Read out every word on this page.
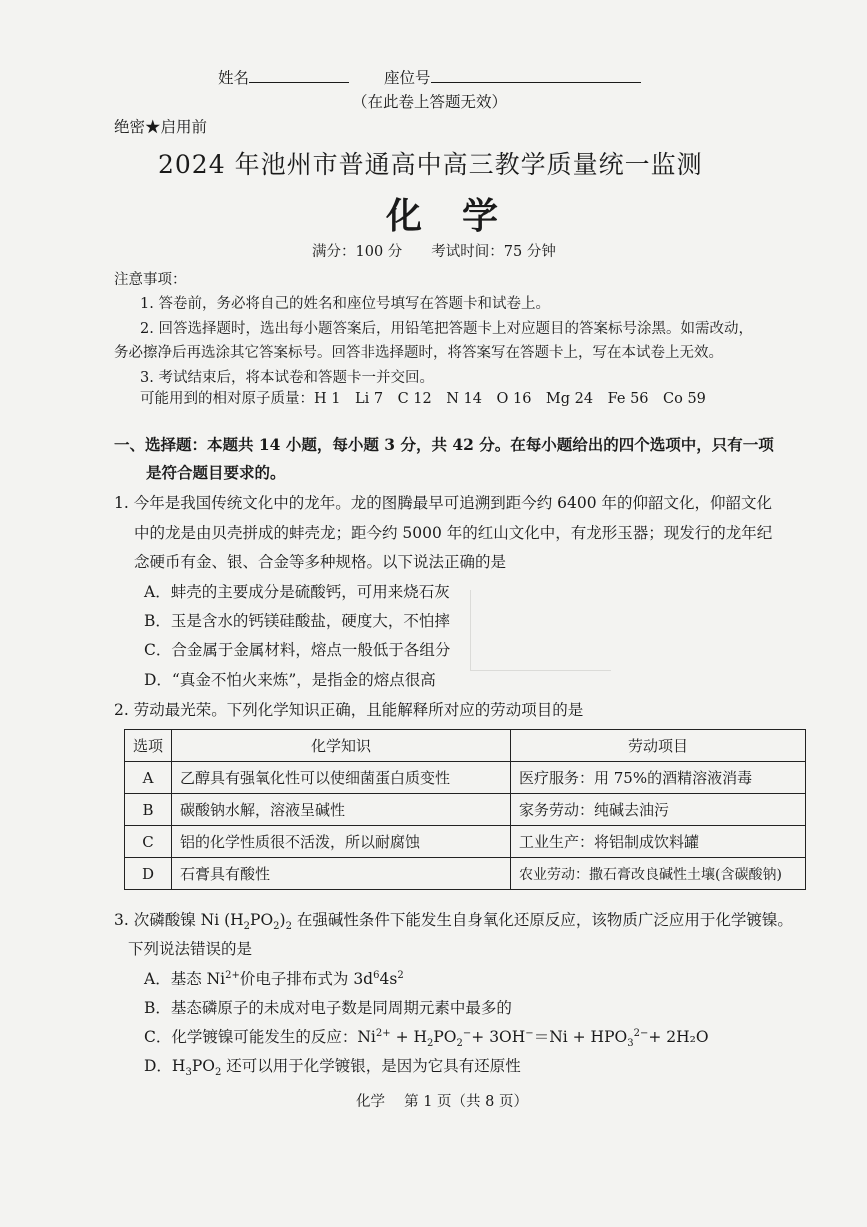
姓名	座位号
（在此卷上答题无效）
绝密★启用前
2024 年池州市普通高中高三教学质量统一监测
化学
满分：100 分　　考试时间：75 分钟
注意事项：
1. 答卷前，务必将自己的姓名和座位号填写在答题卡和试卷上。
2. 回答选择题时，选出每小题答案后，用铅笔把答题卡上对应题目的答案标号涂黑。如需改动，
务必擦净后再选涂其它答案标号。回答非选择题时，将答案写在答题卡上，写在本试卷上无效。
3. 考试结束后，将本试卷和答题卡一并交回。
可能用到的相对原子质量：H 1　Li 7　C 12　N 14　O 16　Mg 24　Fe 56　Co 59
一、选择题：本题共 14 小题，每小题 3 分，共 42 分。在每小题给出的四个选项中，只有一项
是符合题目要求的。
1. 今年是我国传统文化中的龙年。龙的图腾最早可追溯到距今约 6400 年的仰韶文化，仰韶文化
中的龙是由贝壳拼成的蚌壳龙；距今约 5000 年的红山文化中，有龙形玉器；现发行的龙年纪
念硬币有金、银、合金等多种规格。以下说法正确的是
A．蚌壳的主要成分是硫酸钙，可用来烧石灰
B．玉是含水的钙镁硅酸盐，硬度大，不怕摔
C．合金属于金属材料，熔点一般低于各组分
D．“真金不怕火来炼”，是指金的熔点很高
2. 劳动最光荣。下列化学知识正确，且能解释所对应的劳动项目的是
选项	化学知识	劳动项目
A	乙醇具有强氧化性可以使细菌蛋白质变性	医疗服务：用 75%的酒精溶液消毒
B	碳酸钠水解，溶液呈碱性	家务劳动：纯碱去油污
C	铝的化学性质很不活泼，所以耐腐蚀	工业生产：将铝制成饮料罐
D	石膏具有酸性	农业劳动：撒石膏改良碱性土壤(含碳酸钠)
3. 次磷酸镍 Ni $(H_2PO_2)_2$ 在强碱性条件下能发生自身氧化还原反应，该物质广泛应用于化学镀镍。
下列说法错误的是
A．基态 $Ni^{2+}$价电子排布式为 $3d^64s^2$
B．基态磷原子的未成对电子数是同周期元素中最多的
C．化学镀镍可能发生的反应：$Ni^{2+} + H_2PO_2^-+ 3OH^-=Ni + HPO_3^{2-}+ 2H_2O$
D．$H_3PO_2$ 还可以用于化学镀银，是因为它具有还原性
化学　 第 1 页（共 8 页）
